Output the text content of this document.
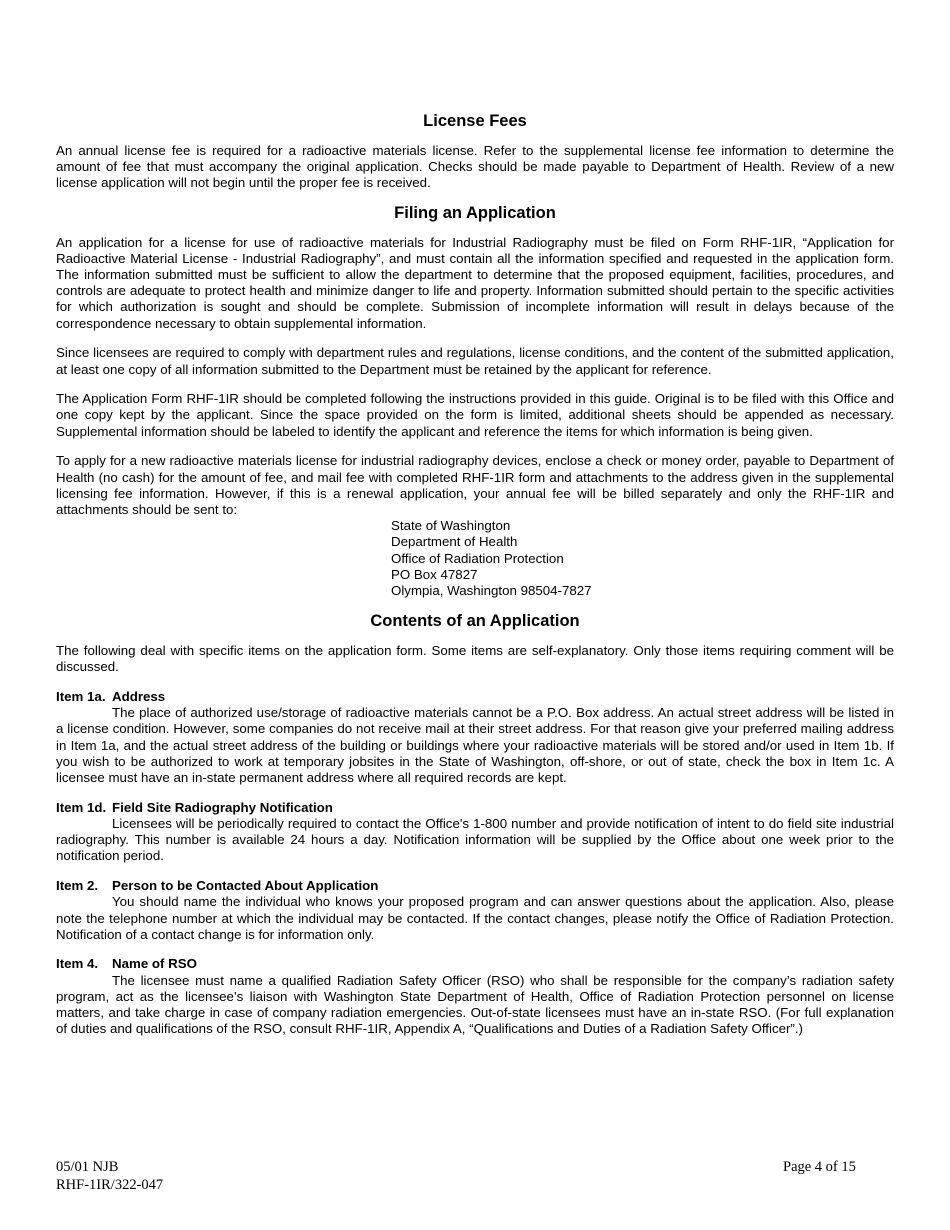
License Fees

An annual license fee is required for a radioactive materials license. Refer to the supplemental license fee information to determine the amount of fee that must accompany the original application. Checks should be made payable to Department of Health. Review of a new license application will not begin until the proper fee is received.

Filing an Application

An application for a license for use of radioactive materials for Industrial Radiography must be filed on Form RHF-1IR, “Application for Radioactive Material License - Industrial Radiography”, and must contain all the information specified and requested in the application form. The information submitted must be sufficient to allow the department to determine that the proposed equipment, facilities, procedures, and controls are adequate to protect health and minimize danger to life and property. Information submitted should pertain to the specific activities for which authorization is sought and should be complete. Submission of incomplete information will result in delays because of the correspondence necessary to obtain supplemental information.

Since licensees are required to comply with department rules and regulations, license conditions, and the content of the submitted application, at least one copy of all information submitted to the Department must be retained by the applicant for reference.

The Application Form RHF-1IR should be completed following the instructions provided in this guide. Original is to be filed with this Office and one copy kept by the applicant. Since the space provided on the form is limited, additional sheets should be appended as necessary. Supplemental information should be labeled to identify the applicant and reference the items for which information is being given.

To apply for a new radioactive materials license for industrial radiography devices, enclose a check or money order, payable to Department of Health (no cash) for the amount of fee, and mail fee with completed RHF-1IR form and attachments to the address given in the supplemental licensing fee information. However, if this is a renewal application, your annual fee will be billed separately and only the RHF-1IR and attachments should be sent to:

State of Washington
Department of Health
Office of Radiation Protection
PO Box 47827
Olympia, Washington 98504-7827
Contents of an Application

The following deal with specific items on the application form. Some items are self-explanatory. Only those items requiring comment will be discussed.

Item 1a. Address

The place of authorized use/storage of radioactive materials cannot be a P.O. Box address. An actual street address will be listed in a license condition. However, some companies do not receive mail at their street address. For that reason give your preferred mailing address in Item 1a, and the actual street address of the building or buildings where your radioactive materials will be stored and/or used in Item 1b. If you wish to be authorized to work at temporary jobsites in the State of Washington, off-shore, or out of state, check the box in Item 1c. A licensee must have an in-state permanent address where all required records are kept.

Item 1d. Field Site Radiography Notification

Licensees will be periodically required to contact the Office's 1-800 number and provide notification of intent to do field site industrial radiography. This number is available 24 hours a day. Notification information will be supplied by the Office about one week prior to the notification period.

Item 2. Person to be Contacted About Application

You should name the individual who knows your proposed program and can answer questions about the application. Also, please note the telephone number at which the individual may be contacted. If the contact changes, please notify the Office of Radiation Protection. Notification of a contact change is for information only.

Item 4. Name of RSO

The licensee must name a qualified Radiation Safety Officer (RSO) who shall be responsible for the company’s radiation safety program, act as the licensee’s liaison with Washington State Department of Health, Office of Radiation Protection personnel on license matters, and take charge in case of company radiation emergencies. Out-of-state licensees must have an in-state RSO. (For full explanation of duties and qualifications of the RSO, consult RHF-1IR, Appendix A, “Qualifications and Duties of a Radiation Safety Officer”.)

05/01 NJB
RHF-1IR/322-047
Page 4 of 15
